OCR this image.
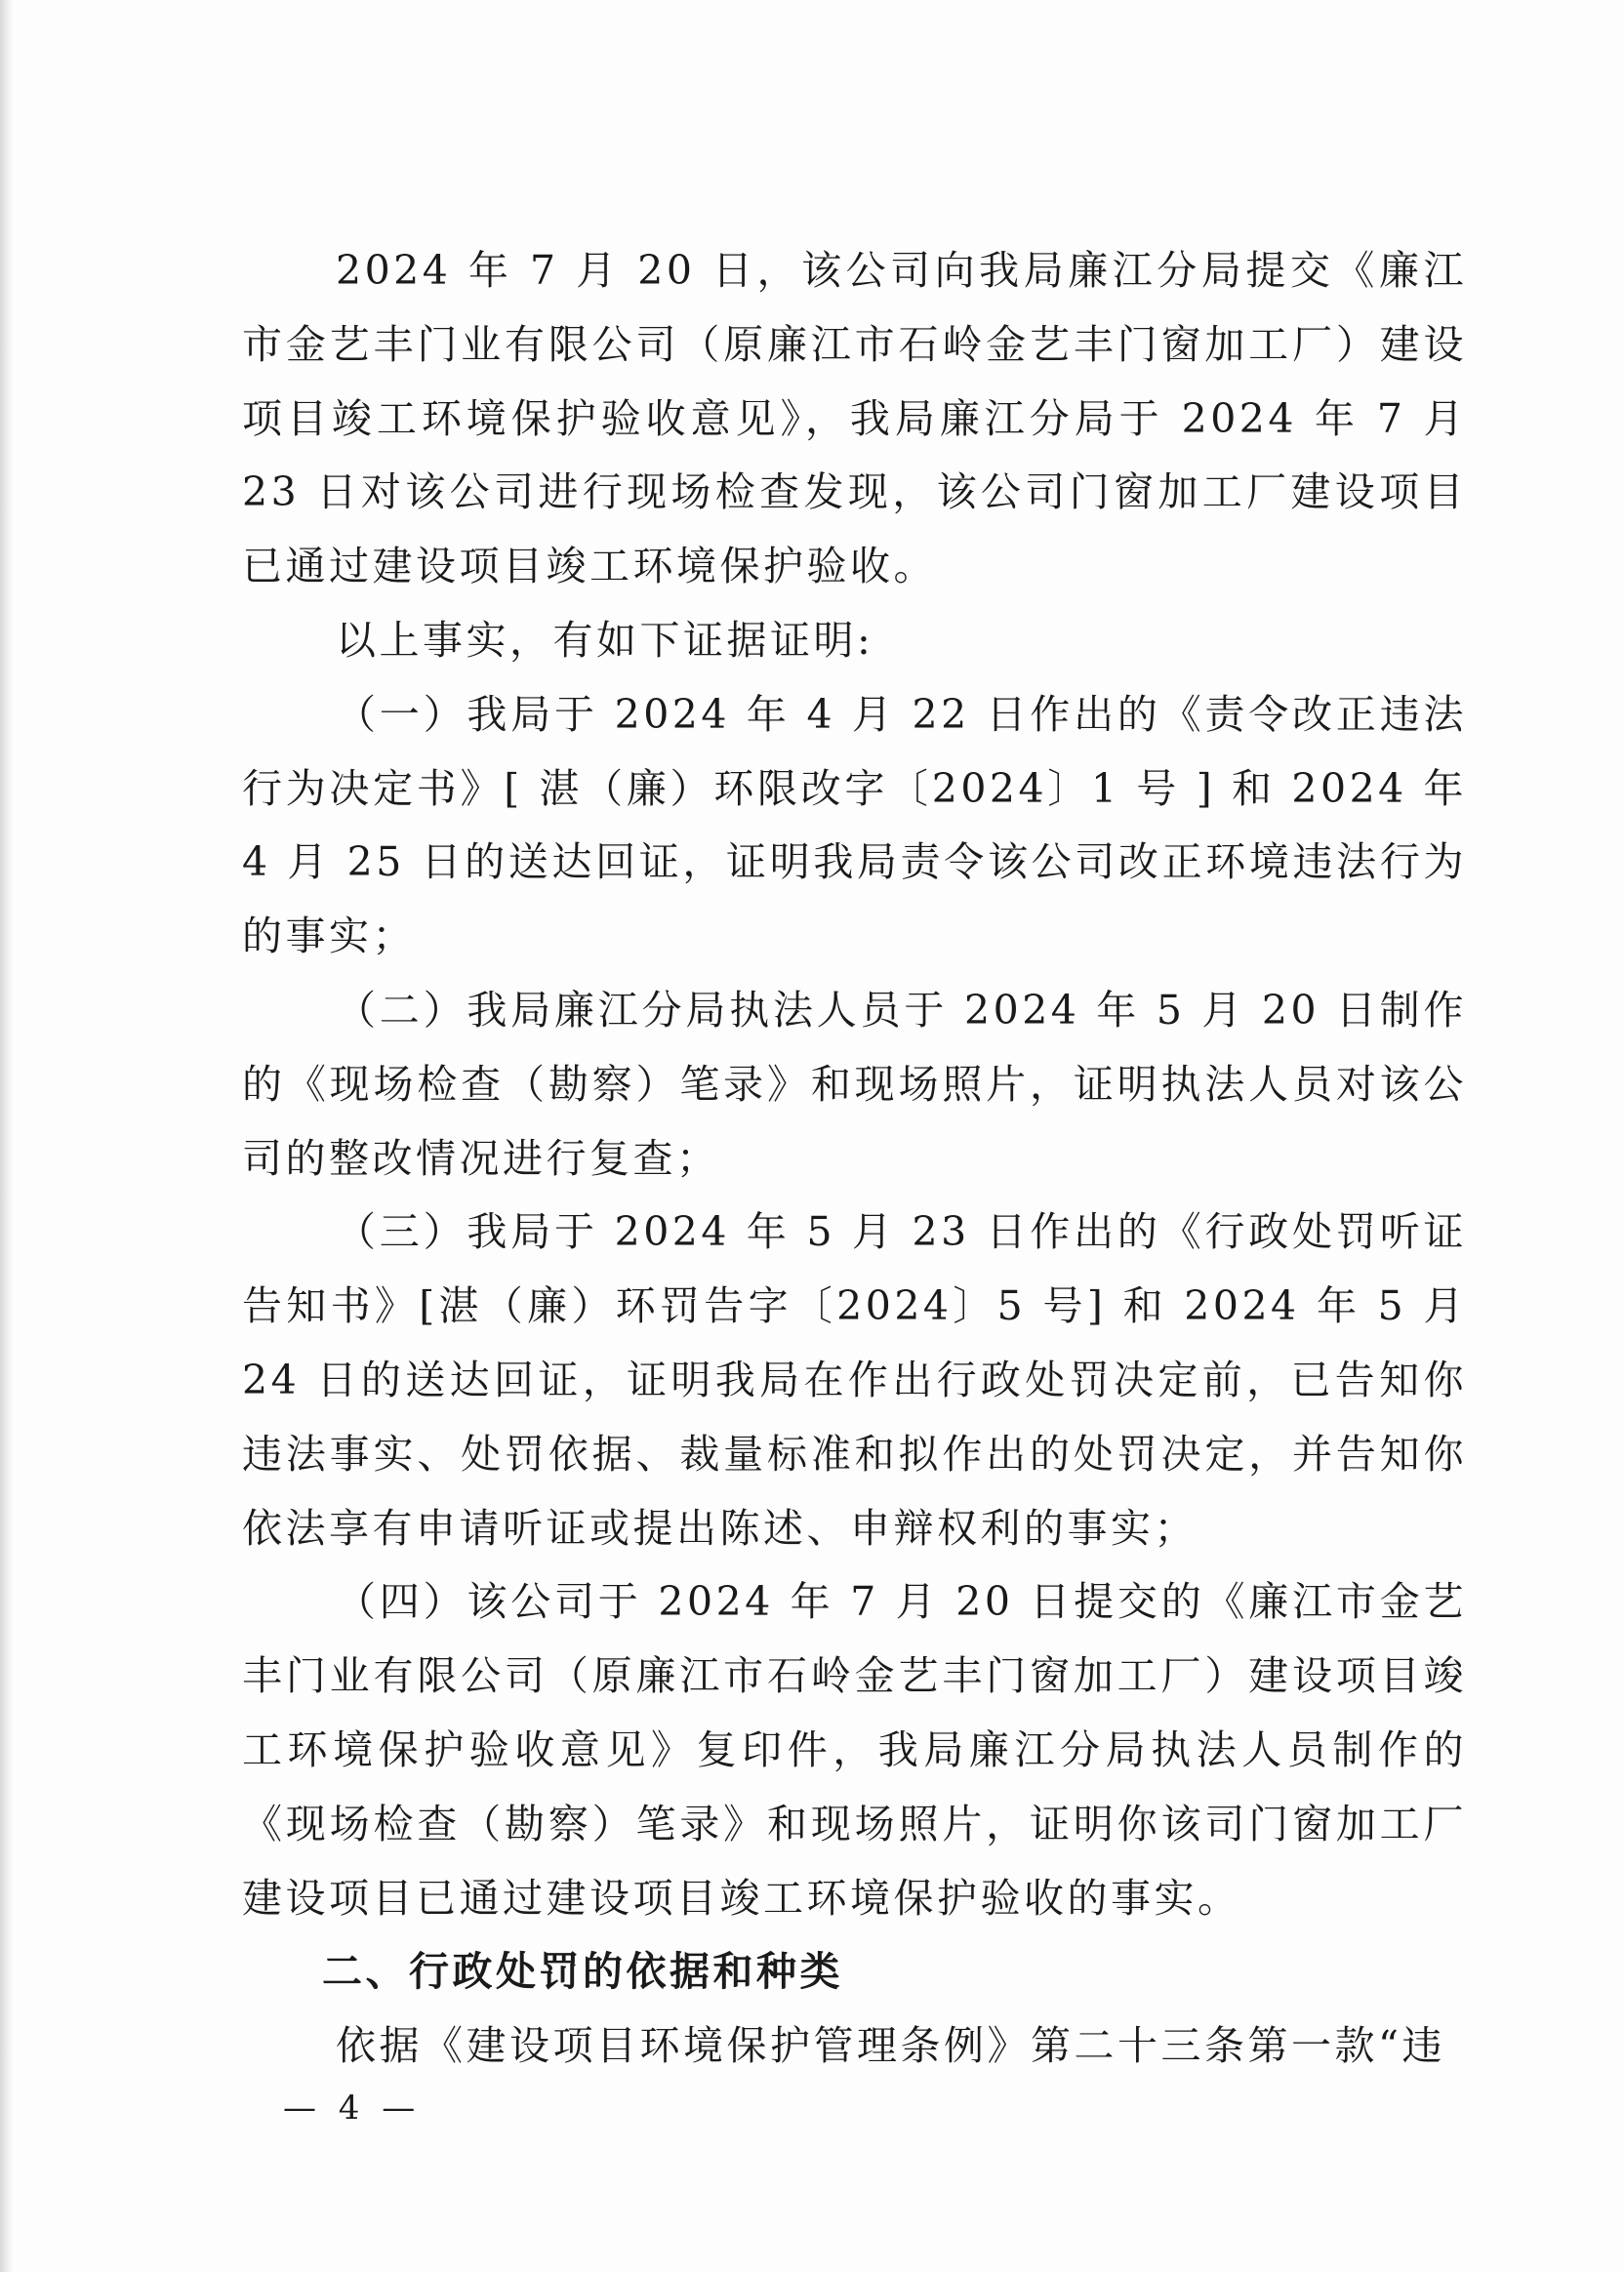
2024 年 7 月 20 日，该公司向我局廉江分局提交《廉江市金艺丰门业有限公司（原廉江市石岭金艺丰门窗加工厂）建设项目竣工环境保护验收意见》，我局廉江分局于 2024 年 7 月 23 日对该公司进行现场检查发现，该公司门窗加工厂建设项目已通过建设项目竣工环境保护验收。

以上事实，有如下证据证明:

（一）我局于 2024 年 4 月 22 日作出的《责令改正违法行为决定书》[ 湛（廉）环限改字〔2024〕1 号 ] 和 2024 年 4 月 25 日的送达回证，证明我局责令该公司改正环境违法行为的事实；

（二）我局廉江分局执法人员于 2024 年 5 月 20 日制作的《现场检查（勘察）笔录》和现场照片，证明执法人员对该公司的整改情况进行复查；

（三）我局于 2024 年 5 月 23 日作出的《行政处罚听证告知书》[湛（廉）环罚告字〔2024〕5 号] 和 2024 年 5 月 24 日的送达回证，证明我局在作出行政处罚决定前，已告知你违法事实、处罚依据、裁量标准和拟作出的处罚决定，并告知你依法享有申请听证或提出陈述、申辩权利的事实；

（四）该公司于 2024 年 7 月 20 日提交的《廉江市金艺丰门业有限公司（原廉江市石岭金艺丰门窗加工厂）建设项目竣工环境保护验收意见》复印件，我局廉江分局执法人员制作的《现场检查（勘察）笔录》和现场照片，证明你该司门窗加工厂建设项目已通过建设项目竣工环境保护验收的事实。

二、行政处罚的依据和种类

依据《建设项目环境保护管理条例》第二十三条第一款“违

— 4 —
